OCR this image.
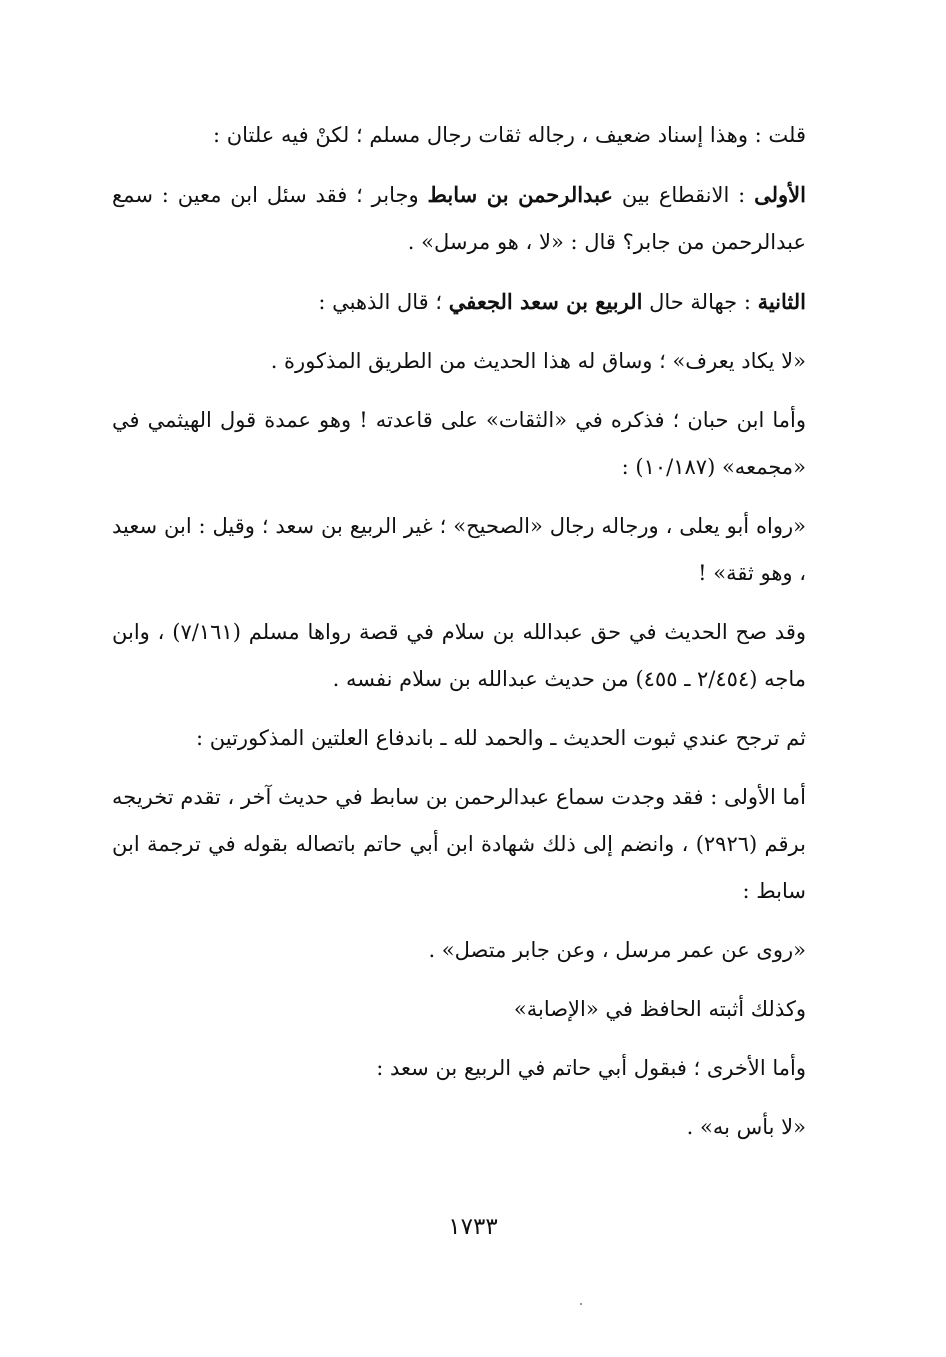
قلت : وهذا إسناد ضعيف ، رجاله ثقات رجال مسلم ؛ لكنْ فيه علتان :

الأولى : الانقطاع بين عبدالرحمن بن سابط وجابر ؛ فقد سئل ابن معين : سمع عبدالرحمن من جابر؟ قال : «لا ، هو مرسل» .

الثانية : جهالة حال الربيع بن سعد الجعفي ؛ قال الذهبي :

«لا يكاد يعرف» ؛ وساق له هذا الحديث من الطريق المذكورة .

وأما ابن حبان ؛ فذكره في «الثقات» على قاعدته ! وهو عمدة قول الهيثمي في «مجمعه» (١٠/١٨٧) :

«رواه أبو يعلى ، ورجاله رجال «الصحيح» ؛ غير الربيع بن سعد ؛ وقيل : ابن سعيد ، وهو ثقة» !

وقد صح الحديث في حق عبدالله بن سلام في قصة رواها مسلم (٧/١٦١) ، وابن ماجه (٢/٤٥٤ ـ ٤٥٥) من حديث عبدالله بن سلام نفسه .

ثم ترجح عندي ثبوت الحديث ـ والحمد لله ـ باندفاع العلتين المذكورتين :

أما الأولى : فقد وجدت سماع عبدالرحمن بن سابط في حديث آخر ، تقدم تخريجه برقم (٢٩٢٦) ، وانضم إلى ذلك شهادة ابن أبي حاتم باتصاله بقوله في ترجمة ابن سابط :

«روى عن عمر مرسل ، وعن جابر متصل» .

وكذلك أثبته الحافظ في «الإصابة»

وأما الأخرى ؛ فبقول أبي حاتم في الربيع بن سعد :

«لا بأس به» .

١٧٣٣
